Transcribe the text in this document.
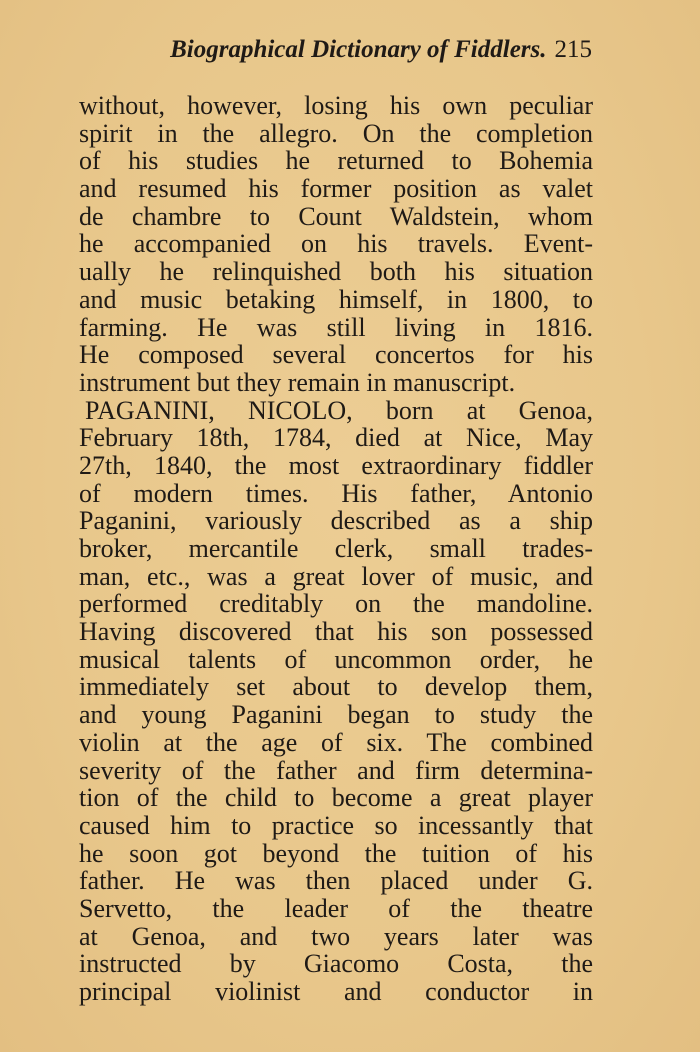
Biographical Dictionary of Fiddlers. 215
without, however, losing his own peculiar
spirit in the allegro. On the completion
of his studies he returned to Bohemia
and resumed his former position as valet
de chambre to Count Waldstein, whom
he accompanied on his travels. Event-
ually he relinquished both his situation
and music betaking himself, in 1800, to
farming. He was still living in 1816.
He composed several concertos for his
instrument but they remain in manuscript.
PAGANINI, NICOLO, born at Genoa,
February 18th, 1784, died at Nice, May
27th, 1840, the most extraordinary fiddler
of modern times. His father, Antonio
Paganini, variously described as a ship
broker, mercantile clerk, small trades-
man, etc., was a great lover of music, and
performed creditably on the mandoline.
Having discovered that his son possessed
musical talents of uncommon order, he
immediately set about to develop them,
and young Paganini began to study the
violin at the age of six. The combined
severity of the father and firm determina-
tion of the child to become a great player
caused him to practice so incessantly that
he soon got beyond the tuition of his
father. He was then placed under G.
Servetto, the leader of the theatre
at Genoa, and two years later was
instructed by Giacomo Costa, the
principal violinist and conductor in
